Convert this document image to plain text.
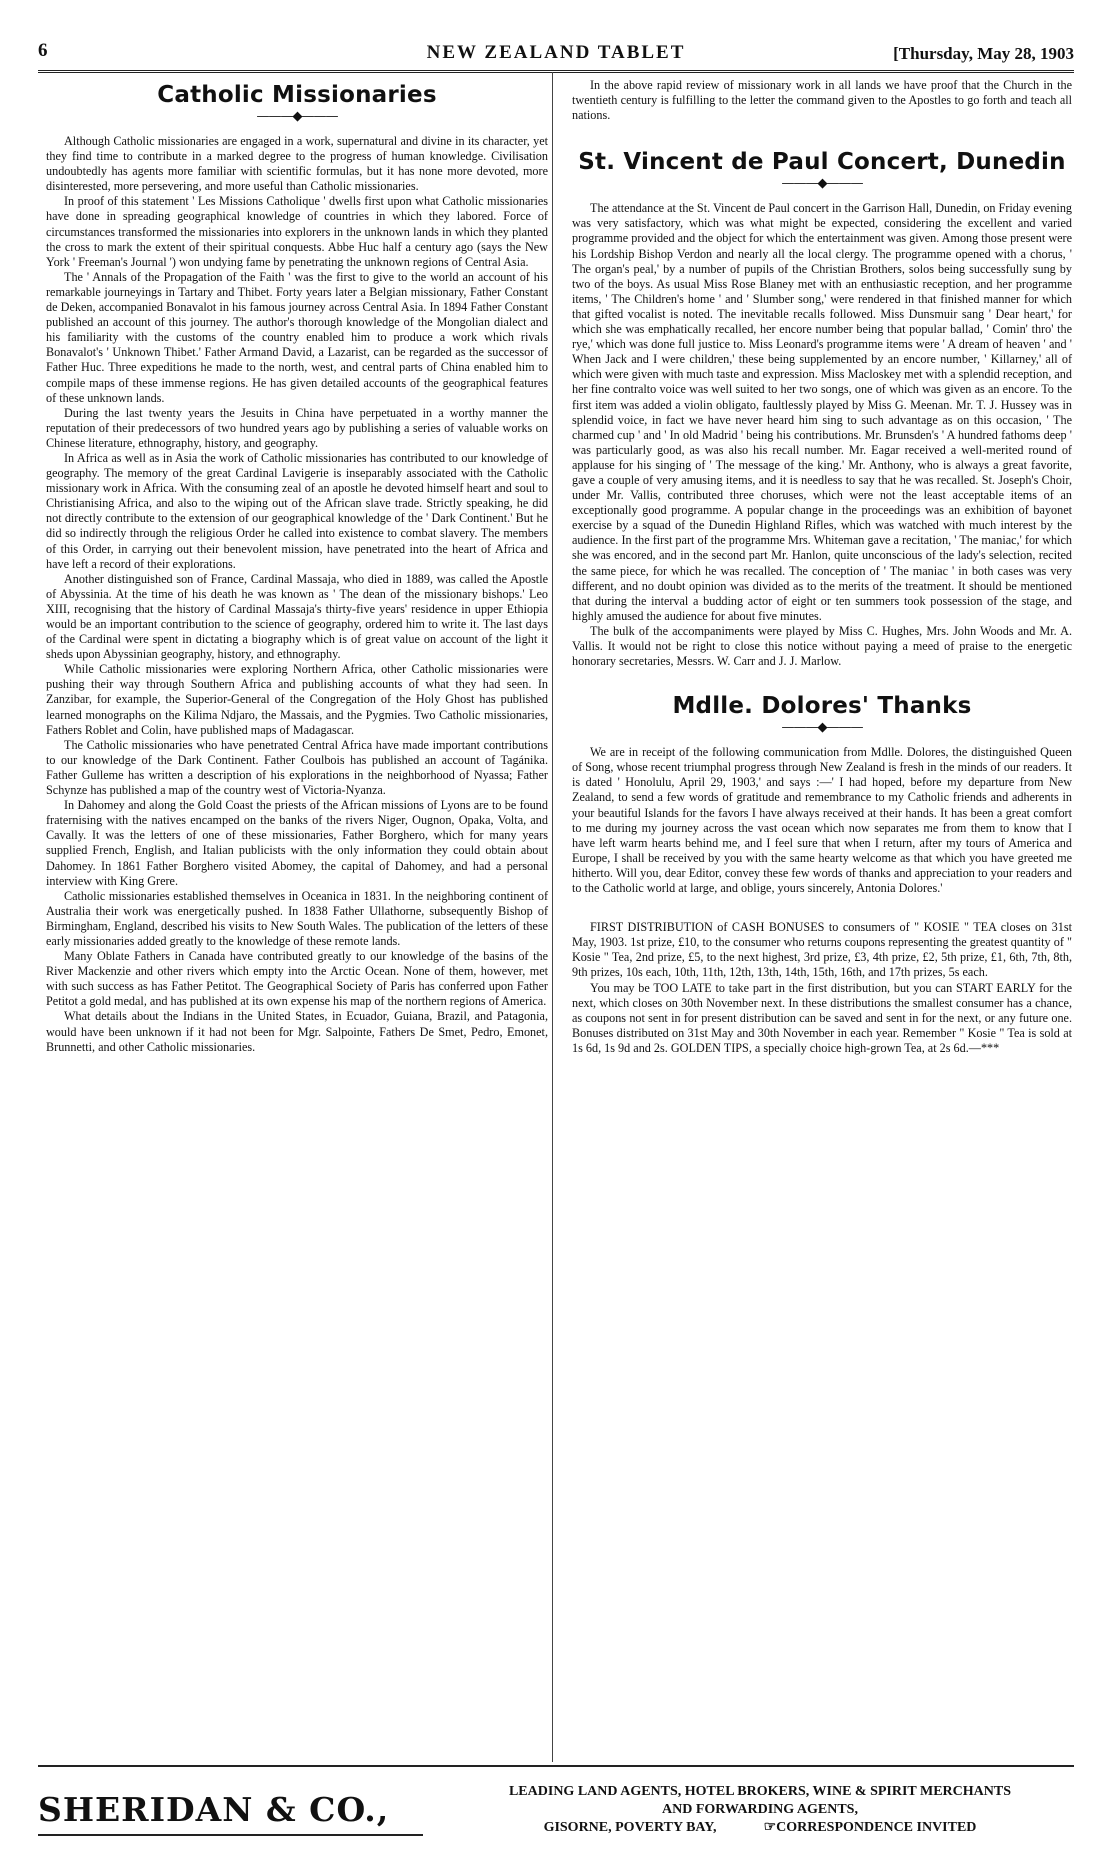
6	NEW ZEALAND TABLET	[Thursday, May 28, 1903
Catholic Missionaries
———◆———

Although Catholic missionaries are engaged in a work, supernatural and divine in its character, yet they find time to contribute in a marked degree to the progress of human knowledge. Civilisation undoubtedly has agents more familiar with scientific formulas, but it has none more devoted, more disinterested, more persevering, and more useful than Catholic missionaries.

In proof of this statement ' Les Missions Catholique ' dwells first upon what Catholic missionaries have done in spreading geographical knowledge of countries in which they labored. Force of circumstances transformed the missionaries into explorers in the unknown lands in which they planted the cross to mark the extent of their spiritual conquests. Abbe Huc half a century ago (says the New York ' Freeman's Journal ') won undying fame by penetrating the unknown regions of Central Asia.

The ' Annals of the Propagation of the Faith ' was the first to give to the world an account of his remarkable journeyings in Tartary and Thibet. Forty years later a Belgian missionary, Father Constant de Deken, accompanied Bonavalot in his famous journey across Central Asia. In 1894 Father Constant published an account of this journey. The author's thorough knowledge of the Mongolian dialect and his familiarity with the customs of the country enabled him to produce a work which rivals Bonavalot's ' Unknown Thibet.' Father Armand David, a Lazarist, can be regarded as the successor of Father Huc. Three expeditions he made to the north, west, and central parts of China enabled him to compile maps of these immense regions. He has given detailed accounts of the geographical features of these unknown lands.

During the last twenty years the Jesuits in China have perpetuated in a worthy manner the reputation of their predecessors of two hundred years ago by publishing a series of valuable works on Chinese literature, ethnography, history, and geography.

In Africa as well as in Asia the work of Catholic missionaries has contributed to our knowledge of geography. The memory of the great Cardinal Lavigerie is inseparably associated with the Catholic missionary work in Africa. With the consuming zeal of an apostle he devoted himself heart and soul to Christianising Africa, and also to the wiping out of the African slave trade. Strictly speaking, he did not directly contribute to the extension of our geographical knowledge of the ' Dark Continent.' But he did so indirectly through the religious Order he called into existence to combat slavery. The members of this Order, in carrying out their benevolent mission, have penetrated into the heart of Africa and have left a record of their explorations.

Another distinguished son of France, Cardinal Massaja, who died in 1889, was called the Apostle of Abyssinia. At the time of his death he was known as ' The dean of the missionary bishops.' Leo XIII, recognising that the history of Cardinal Massaja's thirty-five years' residence in upper Ethiopia would be an important contribution to the science of geography, ordered him to write it. The last days of the Cardinal were spent in dictating a biography which is of great value on account of the light it sheds upon Abyssinian geography, history, and ethnography.

While Catholic missionaries were exploring Northern Africa, other Catholic missionaries were pushing their way through Southern Africa and publishing accounts of what they had seen. In Zanzibar, for example, the Superior-General of the Congregation of the Holy Ghost has published learned monographs on the Kilima Ndjaro, the Massais, and the Pygmies. Two Catholic missionaries, Fathers Roblet and Colin, have published maps of Madagascar.

The Catholic missionaries who have penetrated Central Africa have made important contributions to our knowledge of the Dark Continent. Father Coulbois has published an account of Tagánika. Father Gulleme has written a description of his explorations in the neighborhood of Nyassa; Father Schynze has published a map of the country west of Victoria-Nyanza.

In Dahomey and along the Gold Coast the priests of the African missions of Lyons are to be found fraternising with the natives encamped on the banks of the rivers Niger, Ougnon, Opaka, Volta, and Cavally. It was the letters of one of these missionaries, Father Borghero, which for many years supplied French, English, and Italian publicists with the only information they could obtain about Dahomey. In 1861 Father Borghero visited Abomey, the capital of Dahomey, and had a personal interview with King Grere.

Catholic missionaries established themselves in Oceanica in 1831. In the neighboring continent of Australia their work was energetically pushed. In 1838 Father Ullathorne, subsequently Bishop of Birmingham, England, described his visits to New South Wales. The publication of the letters of these early missionaries added greatly to the knowledge of these remote lands.

Many Oblate Fathers in Canada have contributed greatly to our knowledge of the basins of the River Mackenzie and other rivers which empty into the Arctic Ocean. None of them, however, met with such success as has Father Petitot. The Geographical Society of Paris has conferred upon Father Petitot a gold medal, and has published at its own expense his map of the northern regions of America.

What details about the Indians in the United States, in Ecuador, Guiana, Brazil, and Patagonia, would have been unknown if it had not been for Mgr. Salpointe, Fathers De Smet, Pedro, Emonet, Brunnetti, and other Catholic missionaries.

In the above rapid review of missionary work in all lands we have proof that the Church in the twentieth century is fulfilling to the letter the command given to the Apostles to go forth and teach all nations.

St. Vincent de Paul Concert, Dunedin
———◆———

The attendance at the St. Vincent de Paul concert in the Garrison Hall, Dunedin, on Friday evening was very satisfactory, which was what might be expected, considering the excellent and varied programme provided and the object for which the entertainment was given. Among those present were his Lordship Bishop Verdon and nearly all the local clergy. The programme opened with a chorus, ' The organ's peal,' by a number of pupils of the Christian Brothers, solos being successfully sung by two of the boys. As usual Miss Rose Blaney met with an enthusiastic reception, and her programme items, ' The Children's home ' and ' Slumber song,' were rendered in that finished manner for which that gifted vocalist is noted. The inevitable recalls followed. Miss Dunsmuir sang ' Dear heart,' for which she was emphatically recalled, her encore number being that popular ballad, ' Comin' thro' the rye,' which was done full justice to. Miss Leonard's programme items were ' A dream of heaven ' and ' When Jack and I were children,' these being supplemented by an encore number, ' Killarney,' all of which were given with much taste and expression. Miss Macloskey met with a splendid reception, and her fine contralto voice was well suited to her two songs, one of which was given as an encore. To the first item was added a violin obligato, faultlessly played by Miss G. Meenan. Mr. T. J. Hussey was in splendid voice, in fact we have never heard him sing to such advantage as on this occasion, ' The charmed cup ' and ' In old Madrid ' being his contributions. Mr. Brunsden's ' A hundred fathoms deep ' was particularly good, as was also his recall number. Mr. Eagar received a well-merited round of applause for his singing of ' The message of the king.' Mr. Anthony, who is always a great favorite, gave a couple of very amusing items, and it is needless to say that he was recalled. St. Joseph's Choir, under Mr. Vallis, contributed three choruses, which were not the least acceptable items of an exceptionally good programme. A popular change in the proceedings was an exhibition of bayonet exercise by a squad of the Dunedin Highland Rifles, which was watched with much interest by the audience. In the first part of the programme Mrs. Whiteman gave a recitation, ' The maniac,' for which she was encored, and in the second part Mr. Hanlon, quite unconscious of the lady's selection, recited the same piece, for which he was recalled. The conception of ' The maniac ' in both cases was very different, and no doubt opinion was divided as to the merits of the treatment. It should be mentioned that during the interval a budding actor of eight or ten summers took possession of the stage, and highly amused the audience for about five minutes.

The bulk of the accompaniments were played by Miss C. Hughes, Mrs. John Woods and Mr. A. Vallis. It would not be right to close this notice without paying a meed of praise to the energetic honorary secretaries, Messrs. W. Carr and J. J. Marlow.

Mdlle. Dolores' Thanks
———◆———

We are in receipt of the following communication from Mdlle. Dolores, the distinguished Queen of Song, whose recent triumphal progress through New Zealand is fresh in the minds of our readers. It is dated ' Honolulu, April 29, 1903,' and says :—' I had hoped, before my departure from New Zealand, to send a few words of gratitude and remembrance to my Catholic friends and adherents in your beautiful Islands for the favors I have always received at their hands. It has been a great comfort to me during my journey across the vast ocean which now separates me from them to know that I have left warm hearts behind me, and I feel sure that when I return, after my tours of America and Europe, I shall be received by you with the same hearty welcome as that which you have greeted me hitherto. Will you, dear Editor, convey these few words of thanks and appreciation to your readers and to the Catholic world at large, and oblige, yours sincerely, Antonia Dolores.'

FIRST DISTRIBUTION of CASH BONUSES to consumers of " KOSIE " TEA closes on 31st May, 1903. 1st prize, £10, to the consumer who returns coupons representing the greatest quantity of " Kosie " Tea, 2nd prize, £5, to the next highest, 3rd prize, £3, 4th prize, £2, 5th prize, £1, 6th, 7th, 8th, 9th prizes, 10s each, 10th, 11th, 12th, 13th, 14th, 15th, 16th, and 17th prizes, 5s each.

You may be TOO LATE to take part in the first distribution, but you can START EARLY for the next, which closes on 30th November next. In these distributions the smallest consumer has a chance, as coupons not sent in for present distribution can be saved and sent in for the next, or any future one. Bonuses distributed on 31st May and 30th November in each year. Remember " Kosie " Tea is sold at 1s 6d, 1s 9d and 2s. GOLDEN TIPS, a specially choice high-grown Tea, at 2s 6d.—***

SHERIDAN & CO.,	LEADING LAND AGENTS, HOTEL BROKERS, WINE & SPIRIT MERCHANTS
AND FORWARDING AGENTS,
GISORNE, POVERTY BAY,	☞CORRESPONDENCE INVITED
